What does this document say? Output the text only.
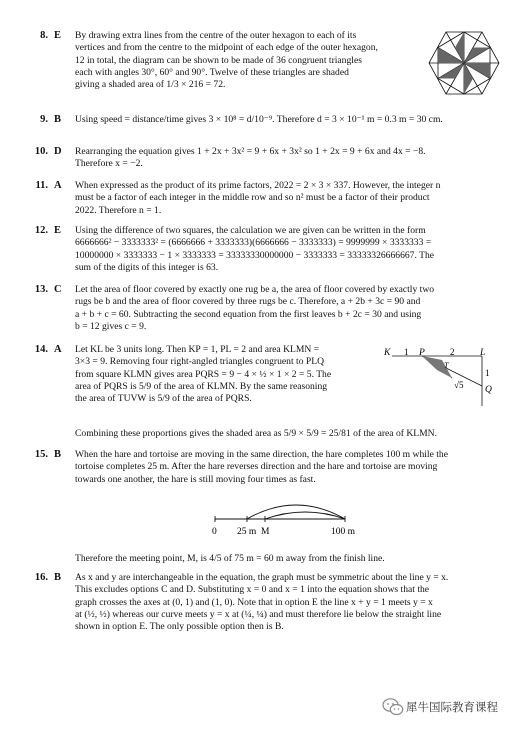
8. E	By drawing extra lines from the centre of the outer hexagon to each of its
vertices and from the centre to the midpoint of each edge of the outer hexagon,
12 in total, the diagram can be shown to be made of 36 congruent triangles
each with angles 30°, 60° and 90°. Twelve of these triangles are shaded
giving a shaded area of 1/3 × 216 = 72.
9. B	Using speed = distance/time gives 3 × 10⁸ = d/10⁻⁹. Therefore d = 3 × 10⁻¹ m = 0.3 m = 30 cm.
10. D	Rearranging the equation gives 1 + 2x + 3x² = 9 + 6x + 3x² so 1 + 2x = 9 + 6x and 4x = −8.
Therefore x = −2.
11. A	When expressed as the product of its prime factors, 2022 = 2 × 3 × 337. However, the integer n
must be a factor of each integer in the middle row and so n² must be a factor of their product
2022. Therefore n = 1.
12. E	Using the difference of two squares, the calculation we are given can be written in the form
6666666² − 3333333² = (6666666 + 3333333)(6666666 − 3333333) = 9999999 × 3333333 =
10000000 × 3333333 − 1 × 3333333 = 33333330000000 − 3333333 = 33333326666667. The
sum of the digits of this integer is 63.
13. C	Let the area of floor covered by exactly one rug be a, the area of floor covered by exactly two
rugs be b and the area of floor covered by three rugs be c. Therefore, a + 2b + 3c = 90 and
a + b + c = 60. Subtracting the second equation from the first leaves b + 2c = 30 and using
b = 12 gives c = 9.
14. A	Let KL be 3 units long. Then KP = 1, PL = 2 and area KLMN =
3×3 = 9. Removing four right-angled triangles congruent to PLQ
from square KLMN gives area PQRS = 9 − 4 × ½ × 1 × 2 = 5. The
area of PQRS is 5/9 of the area of KLMN. By the same reasoning
the area of TUVW is 5/9 of the area of PQRS.
K 1 P	2	L
T
1
√5 Q
Combining these proportions gives the shaded area as 5/9 × 5/9 = 25/81 of the area of KLMN.
15. B	When the hare and tortoise are moving in the same direction, the hare completes 100 m while the
tortoise completes 25 m. After the hare reverses direction and the hare and tortoise are moving
towards one another, the hare is still moving four times as fast.
0 25 m M	100 m
Therefore the meeting point, M, is 4/5 of 75 m = 60 m away from the finish line.
16. B	As x and y are interchangeable in the equation, the graph must be symmetric about the line y = x.
This excludes options C and D. Substituting x = 0 and x = 1 into the equation shows that the
graph crosses the axes at (0, 1) and (1, 0). Note that in option E the line x + y = 1 meets y = x
at (½, ½) whereas our curve meets y = x at (¼, ¼) and must therefore lie below the straight line
shown in option E. The only possible option then is B.
犀牛国际教育课程
